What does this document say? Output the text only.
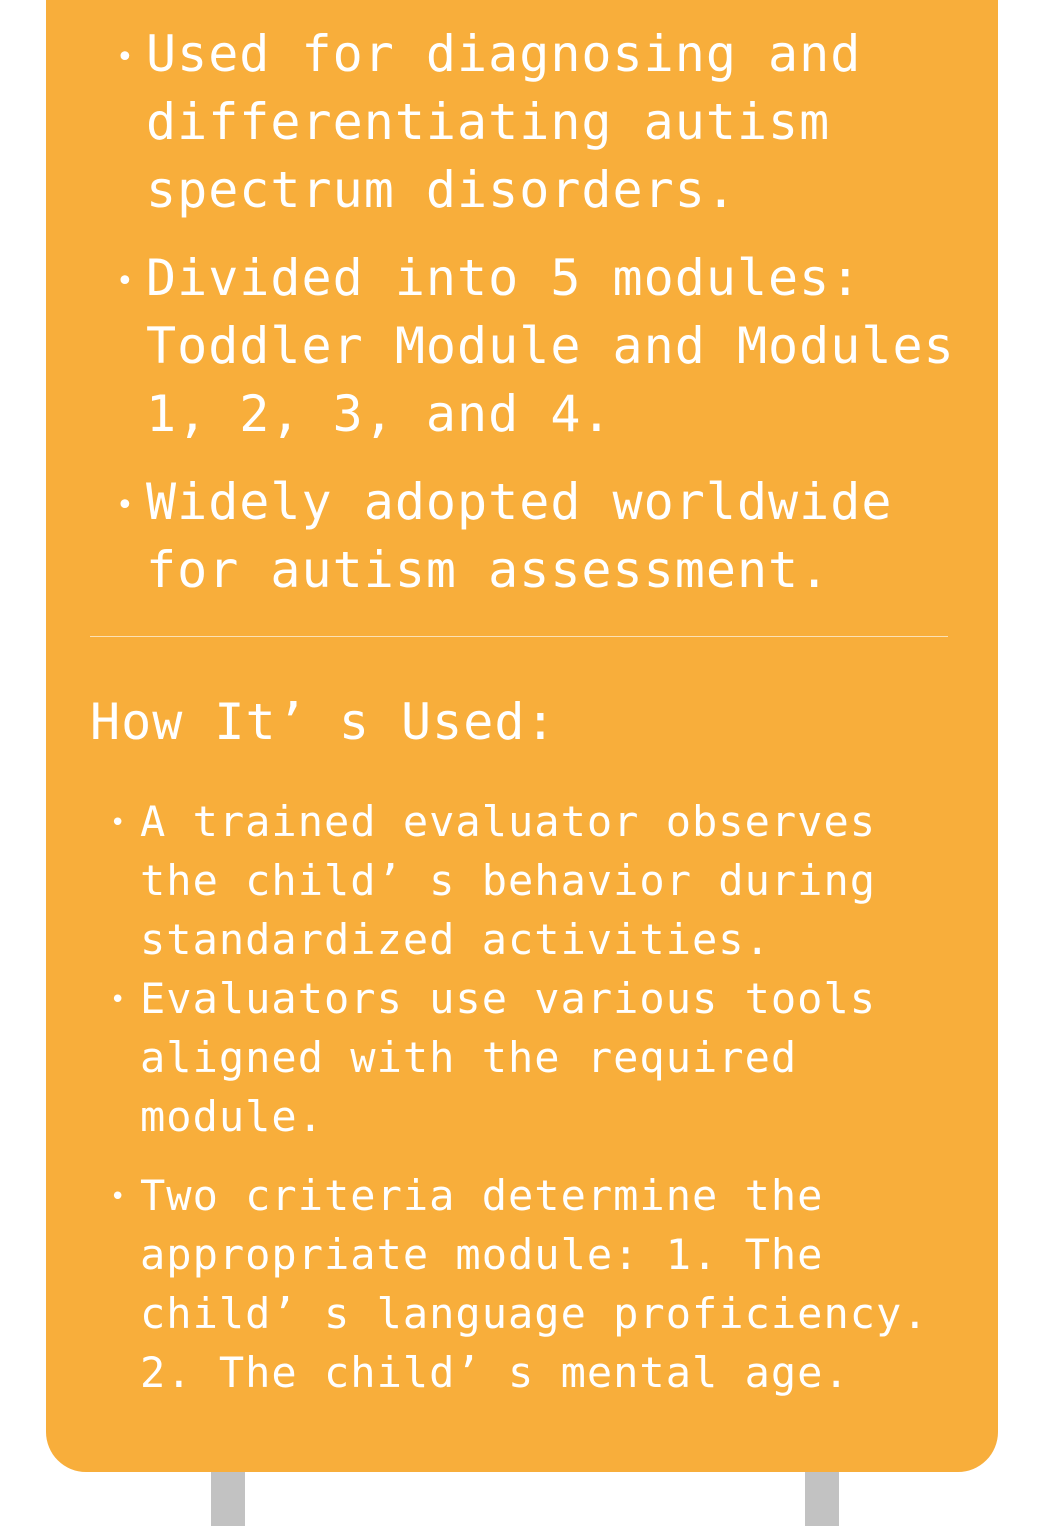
• Used for diagnosing and differentiating autism spectrum disorders.
• Divided into 5 modules: Toddler Module and Modules 1, 2, 3, and 4.
• Widely adopted worldwide for autism assessment.
How It’ s Used:
• A trained evaluator observes the child’ s behavior during standardized activities.
• Evaluators use various tools aligned with the required module.
• Two criteria determine the appropriate module: 1. The child’ s language proficiency. 2. The child’ s mental age.
